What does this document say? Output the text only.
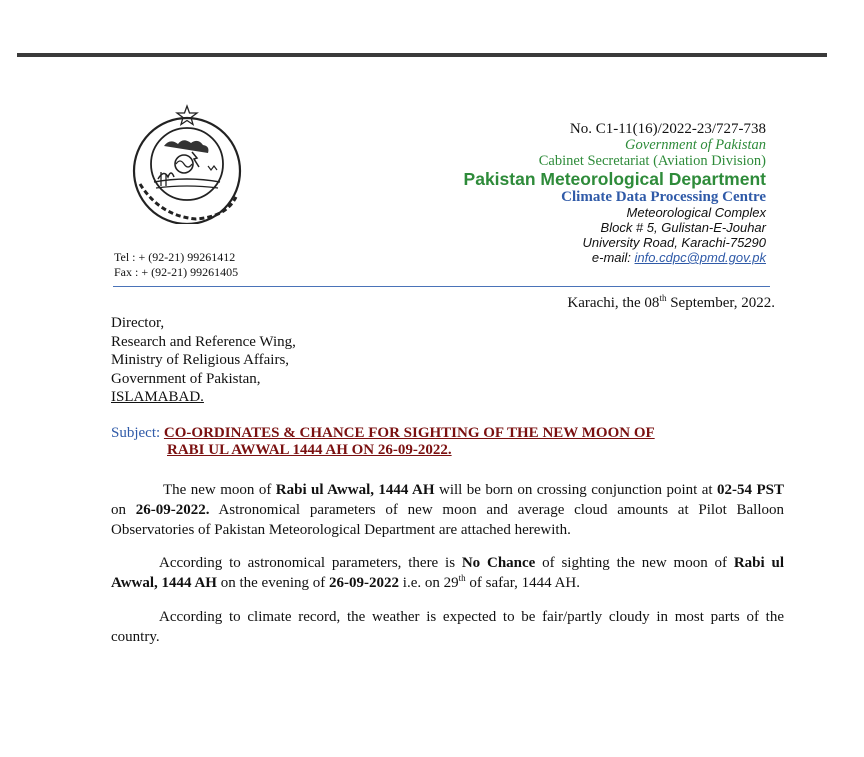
No. C1-11(16)/2022-23/727-738
Government of Pakistan
Cabinet Secretariat (Aviation Division)
Pakistan Meteorological Department
Climate Data Processing Centre
Meteorological Complex
Block # 5, Gulistan-E-Jouhar
University Road, Karachi-75290
e-mail: info.cdpc@pmd.gov.pk
Tel : + (92-21) 99261412
Fax : + (92-21) 99261405
Karachi, the 08th September, 2022.
Director,
Research and Reference Wing,
Ministry of Religious Affairs,
Government of Pakistan,
ISLAMABAD.
Subject: CO-ORDINATES & CHANCE FOR SIGHTING OF THE NEW MOON OF
RABI UL AWWAL 1444 AH ON 26-09-2022.
The new moon of Rabi ul Awwal, 1444 AH will be born on crossing conjunction point at 02-54 PST on 26-09-2022. Astronomical parameters of new moon and average cloud amounts at Pilot Balloon Observatories of Pakistan Meteorological Department are attached herewith.
According to astronomical parameters, there is No Chance of sighting the new moon of Rabi ul Awwal, 1444 AH on the evening of 26-09-2022 i.e. on 29th of safar, 1444 AH.
According to climate record, the weather is expected to be fair/partly cloudy in most parts of the country.
